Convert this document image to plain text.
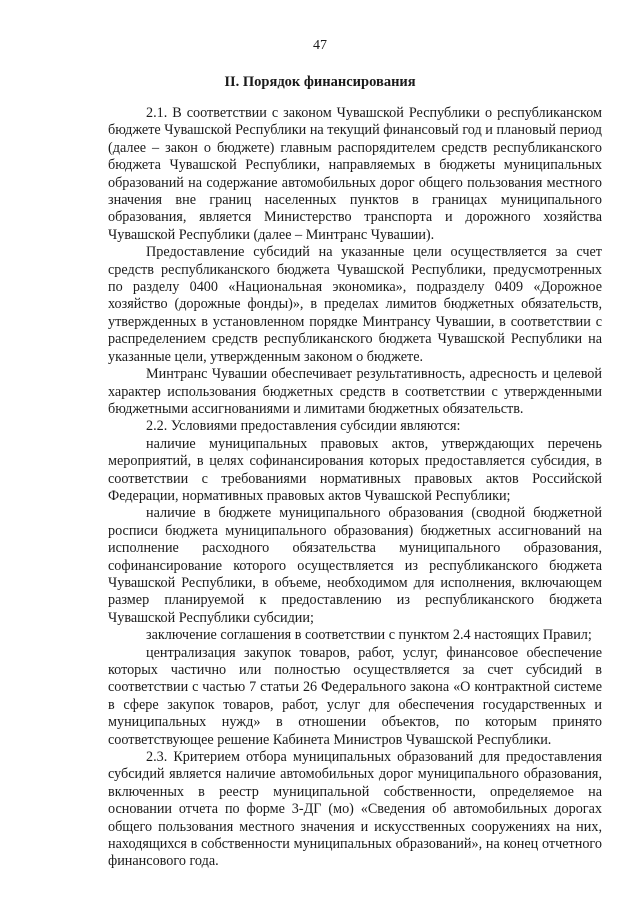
47
II. Порядок финансирования

2.1. В соответствии с законом Чувашской Республики о республиканском бюджете Чувашской Республики на текущий финансовый год и плановый период (далее – закон о бюджете) главным распорядителем средств республиканского бюджета Чувашской Республики, направляемых в бюджеты муниципальных образований на содержание автомобильных дорог общего пользования местного значения вне границ населенных пунктов в границах муниципального образования, является Министерство транспорта и дорожного хозяйства Чувашской Республики (далее – Минтранс Чувашии).

Предоставление субсидий на указанные цели осуществляется за счет средств республиканского бюджета Чувашской Республики, предусмотренных по разделу 0400 «Национальная экономика», подразделу 0409 «Дорожное хозяйство (дорожные фонды)», в пределах лимитов бюджетных обязательств, утвержденных в установленном порядке Минтрансу Чувашии, в соответствии с распределением средств республиканского бюджета Чувашской Республики на указанные цели, утвержденным законом о бюджете.

Минтранс Чувашии обеспечивает результативность, адресность и целевой характер использования бюджетных средств в соответствии с утвержденными бюджетными ассигнованиями и лимитами бюджетных обязательств.

2.2. Условиями предоставления субсидии являются:

наличие муниципальных правовых актов, утверждающих перечень мероприятий, в целях софинансирования которых предоставляется субсидия, в соответствии с требованиями нормативных правовых актов Российской Федерации, нормативных правовых актов Чувашской Республики;

наличие в бюджете муниципального образования (сводной бюджетной росписи бюджета муниципального образования) бюджетных ассигнований на исполнение расходного обязательства муниципального образования, софинансирование которого осуществляется из республиканского бюджета Чувашской Республики, в объеме, необходимом для исполнения, включающем размер планируемой к предоставлению из республиканского бюджета Чувашской Республики субсидии;

заключение соглашения в соответствии с пунктом 2.4 настоящих Правил;

централизация закупок товаров, работ, услуг, финансовое обеспечение которых частично или полностью осуществляется за счет субсидий в соответствии с частью 7 статьи 26 Федерального закона «О контрактной системе в сфере закупок товаров, работ, услуг для обеспечения государственных и муниципальных нужд» в отношении объектов, по которым принято соответствующее решение Кабинета Министров Чувашской Республики.

2.3. Критерием отбора муниципальных образований для предоставления субсидий является наличие автомобильных дорог муниципального образования, включенных в реестр муниципальной собственности, определяемое на основании отчета по форме 3-ДГ (мо) «Сведения об автомобильных дорогах общего пользования местного значения и искусственных сооружениях на них, находящихся в собственности муниципальных образований», на конец отчетного финансового года.
